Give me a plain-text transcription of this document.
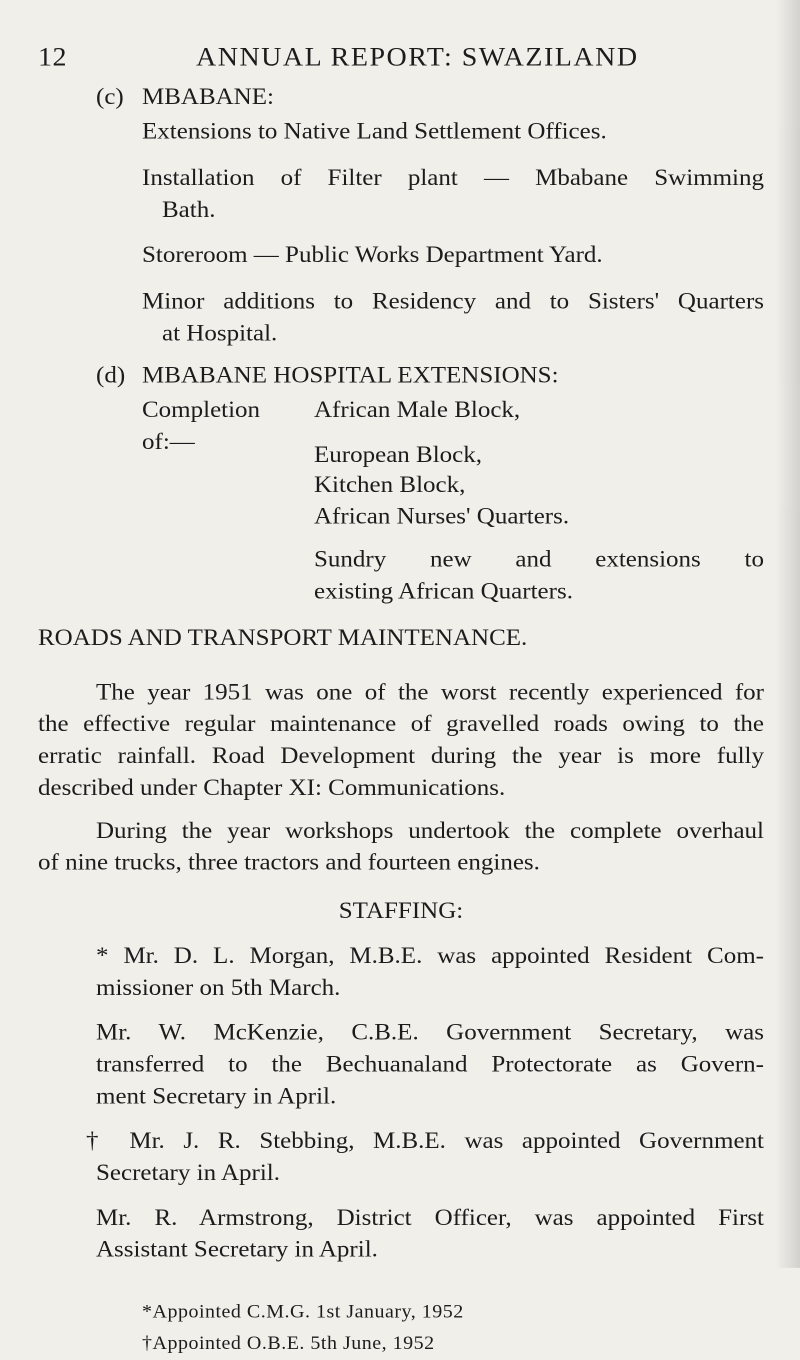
12	ANNUAL REPORT: SWAZILAND
(c) MBABANE:
Extensions to Native Land Settlement Offices.
Installation of Filter plant — Mbabane Swimming
Bath.
Storeroom — Public Works Department Yard.
Minor additions to Residency and to Sisters' Quarters
at Hospital.
(d) MBABANE HOSPITAL EXTENSIONS:
Completion of:—
African Male Block,
European Block,
Kitchen Block,
African Nurses' Quarters.
Sundry new and extensions to
existing African Quarters.
ROADS AND TRANSPORT MAINTENANCE.
The year 1951 was one of the worst recently experienced for
the effective regular maintenance of gravelled roads owing to the
erratic rainfall. Road Development during the year is more fully
described under Chapter XI: Communications.
During the year workshops undertook the complete overhaul
of nine trucks, three tractors and fourteen engines.
STAFFING:
* Mr. D. L. Morgan, M.B.E. was appointed Resident Com-
missioner on 5th March.
Mr. W. McKenzie, C.B.E. Government Secretary, was
transferred to the Bechuanaland Protectorate as Govern-
ment Secretary in April.
† Mr. J. R. Stebbing, M.B.E. was appointed Government
Secretary in April.
Mr. R. Armstrong, District Officer, was appointed First
Assistant Secretary in April.
*Appointed C.M.G. 1st January, 1952
†Appointed O.B.E. 5th June, 1952
